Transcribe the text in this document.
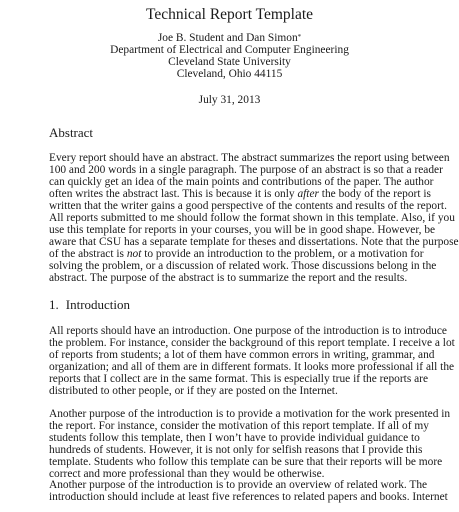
Technical Report Template
Joe B. Student and Dan Simon*
Department of Electrical and Computer Engineering
Cleveland State University
Cleveland, Ohio 44115
July 31, 2013
Abstract
Every report should have an abstract. The abstract summarizes the report using between
100 and 200 words in a single paragraph. The purpose of an abstract is so that a reader
can quickly get an idea of the main points and contributions of the paper. The author
often writes the abstract last. This is because it is only after the body of the report is
written that the writer gains a good perspective of the contents and results of the report.
All reports submitted to me should follow the format shown in this template. Also, if you
use this template for reports in your courses, you will be in good shape. However, be
aware that CSU has a separate template for theses and dissertations. Note that the purpose
of the abstract is not to provide an introduction to the problem, or a motivation for
solving the problem, or a discussion of related work. Those discussions belong in the
abstract. The purpose of the abstract is to summarize the report and the results.
1. Introduction
All reports should have an introduction. One purpose of the introduction is to introduce
the problem. For instance, consider the background of this report template. I receive a lot
of reports from students; a lot of them have common errors in writing, grammar, and
organization; and all of them are in different formats. It looks more professional if all the
reports that I collect are in the same format. This is especially true if the reports are
distributed to other people, or if they are posted on the Internet.
Another purpose of the introduction is to provide a motivation for the work presented in
the report. For instance, consider the motivation of this report template. If all of my
students follow this template, then I won’t have to provide individual guidance to
hundreds of students. However, it is not only for selfish reasons that I provide this
template. Students who follow this template can be sure that their reports will be more
correct and more professional than they would be otherwise.
Another purpose of the introduction is to provide an overview of related work. The
introduction should include at least five references to related papers and books. Internet
